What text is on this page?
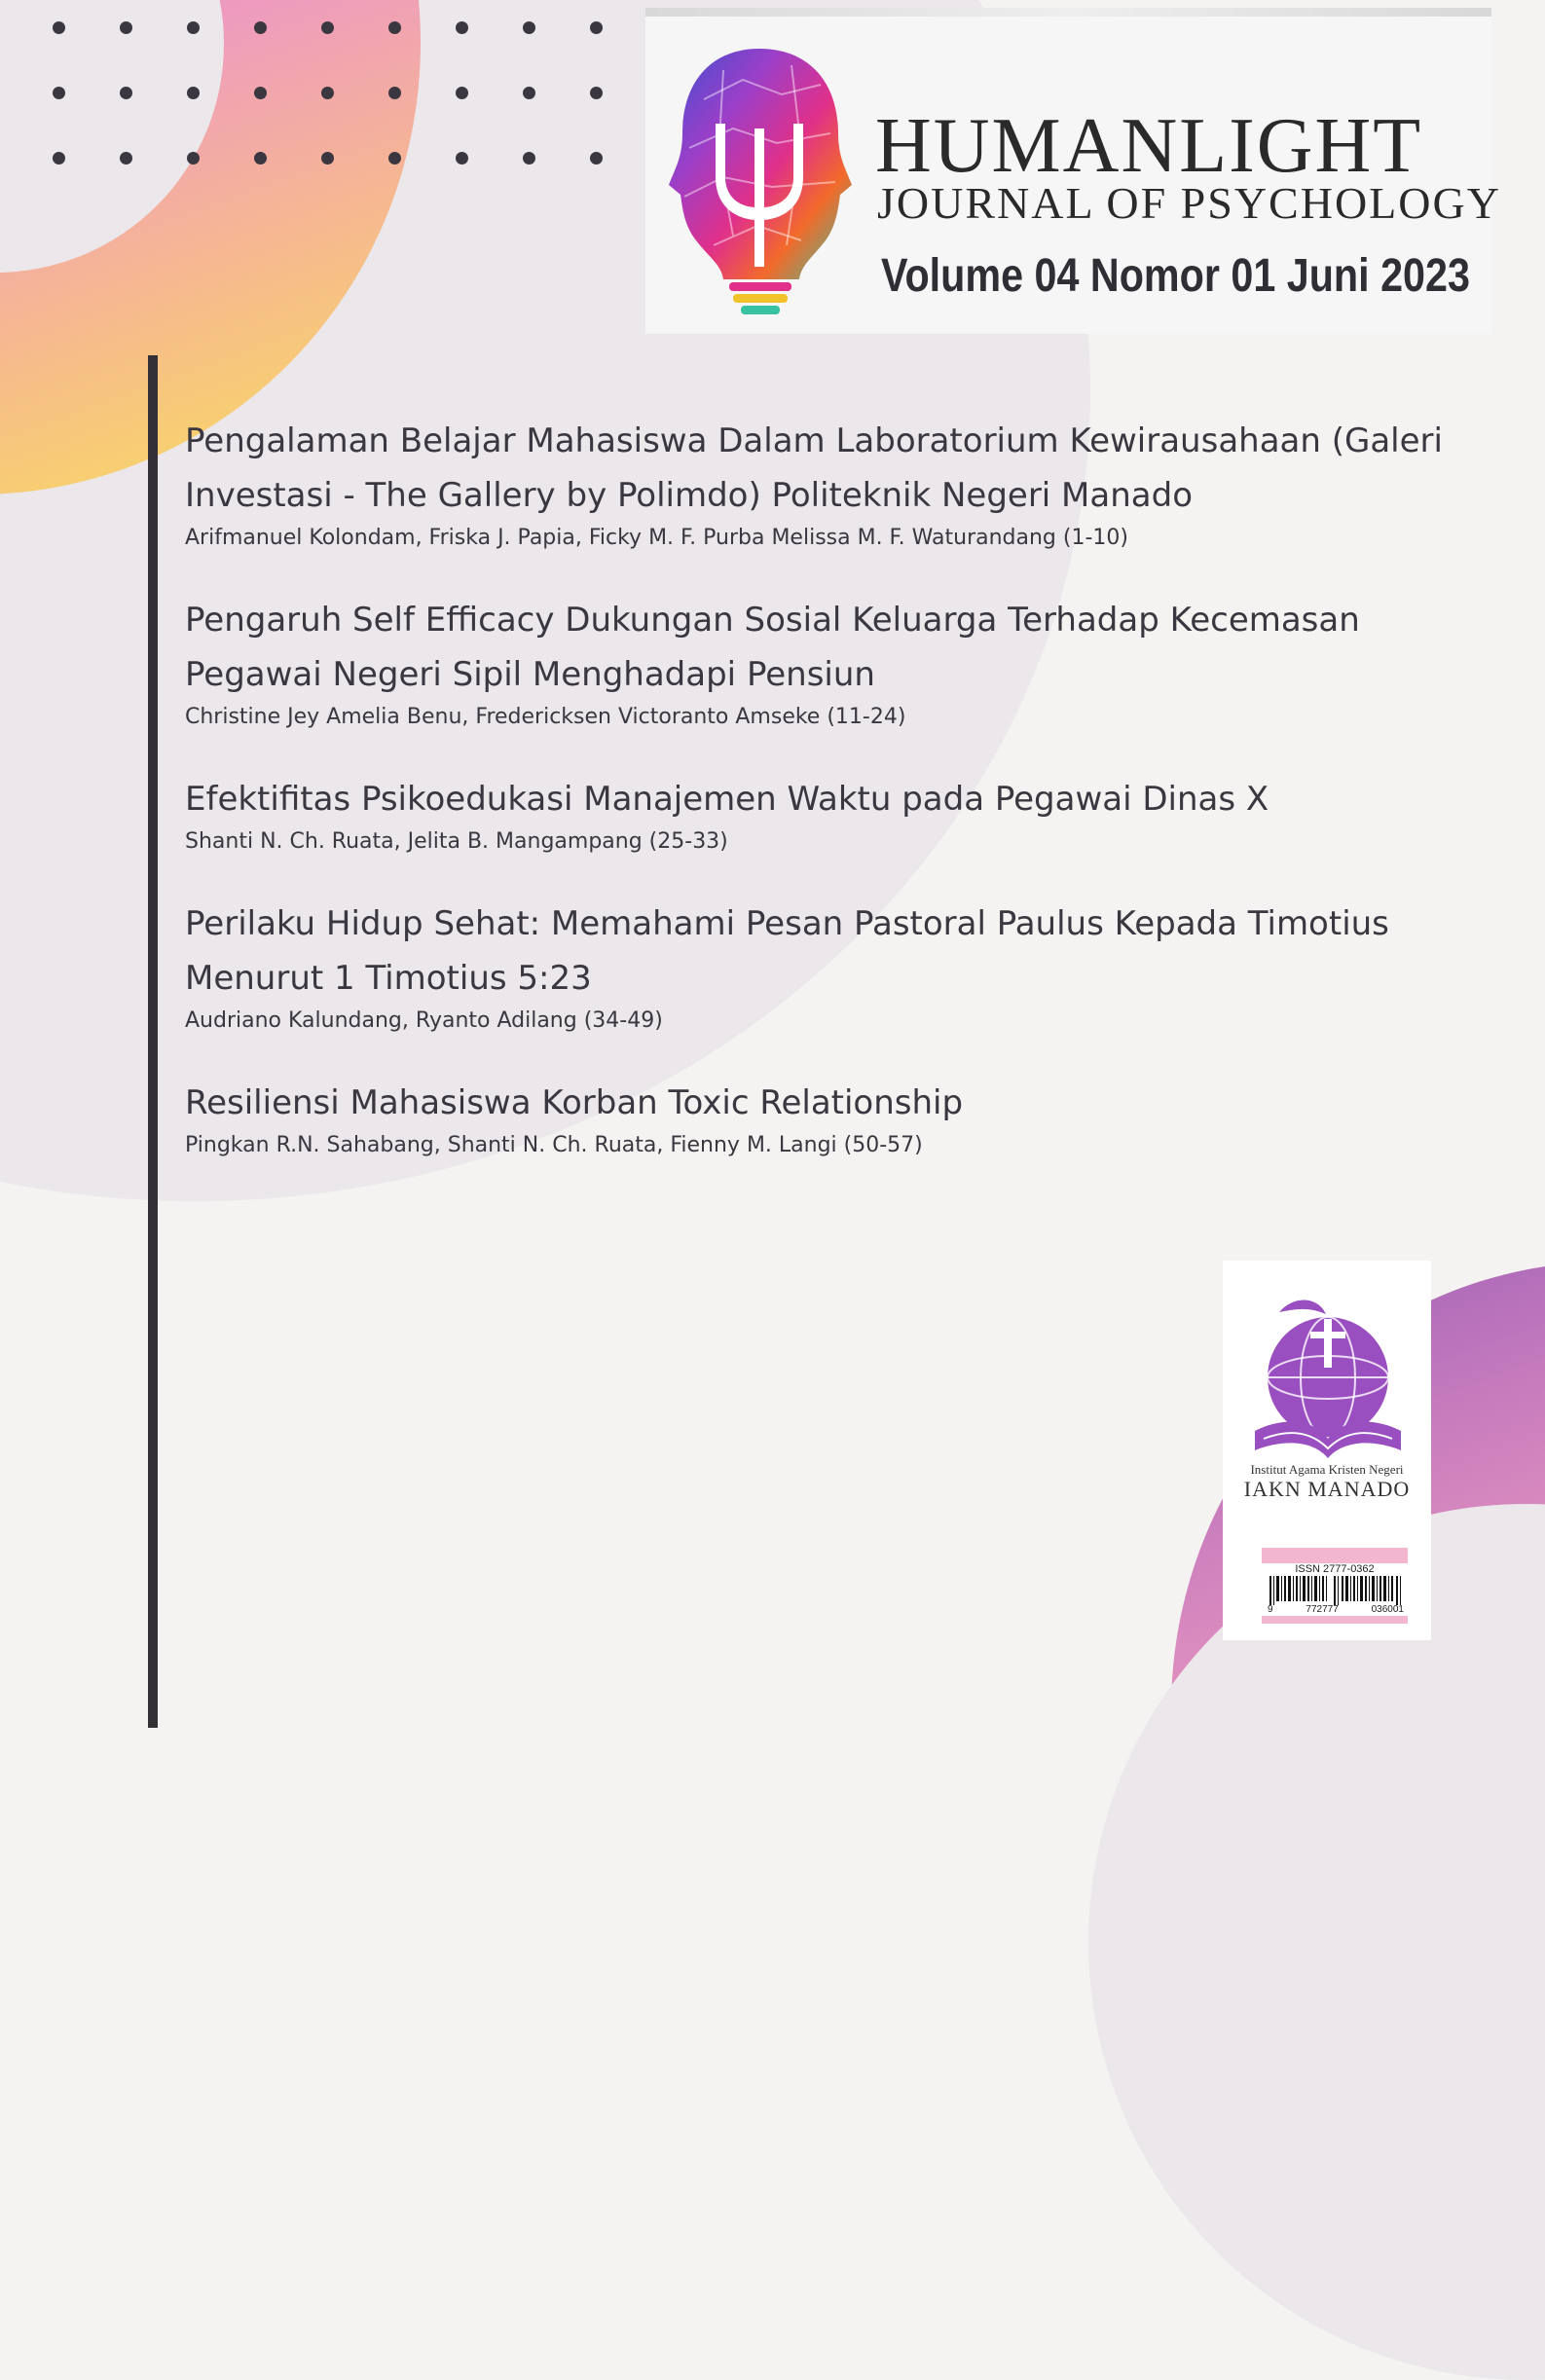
HUMANLIGHT
JOURNAL OF PSYCHOLOGY
Volume 04 Nomor 01 Juni 2023

Pengalaman Belajar Mahasiswa Dalam Laboratorium Kewirausahaan (Galeri Investasi - The Gallery by Polimdo) Politeknik Negeri Manado

Arifmanuel Kolondam, Friska J. Papia, Ficky M. F. Purba Melissa M. F. Waturandang (1-10)

Pengaruh Self Efficacy Dukungan Sosial Keluarga Terhadap Kecemasan Pegawai Negeri Sipil Menghadapi Pensiun

Christine Jey Amelia Benu, Fredericksen Victoranto Amseke (11-24)

Efektifitas Psikoedukasi Manajemen Waktu pada Pegawai Dinas X

Shanti N. Ch. Ruata, Jelita B. Mangampang (25-33)

Perilaku Hidup Sehat: Memahami Pesan Pastoral Paulus Kepada Timotius Menurut 1 Timotius 5:23

Audriano Kalundang, Ryanto Adilang (34-49)

Resiliensi Mahasiswa Korban Toxic Relationship

Pingkan R.N. Sahabang, Shanti N. Ch. Ruata, Fienny M. Langi (50-57)

Institut Agama Kristen Negeri
IAKN MANADO
ISSN 2777-0362
9	772777	036001
